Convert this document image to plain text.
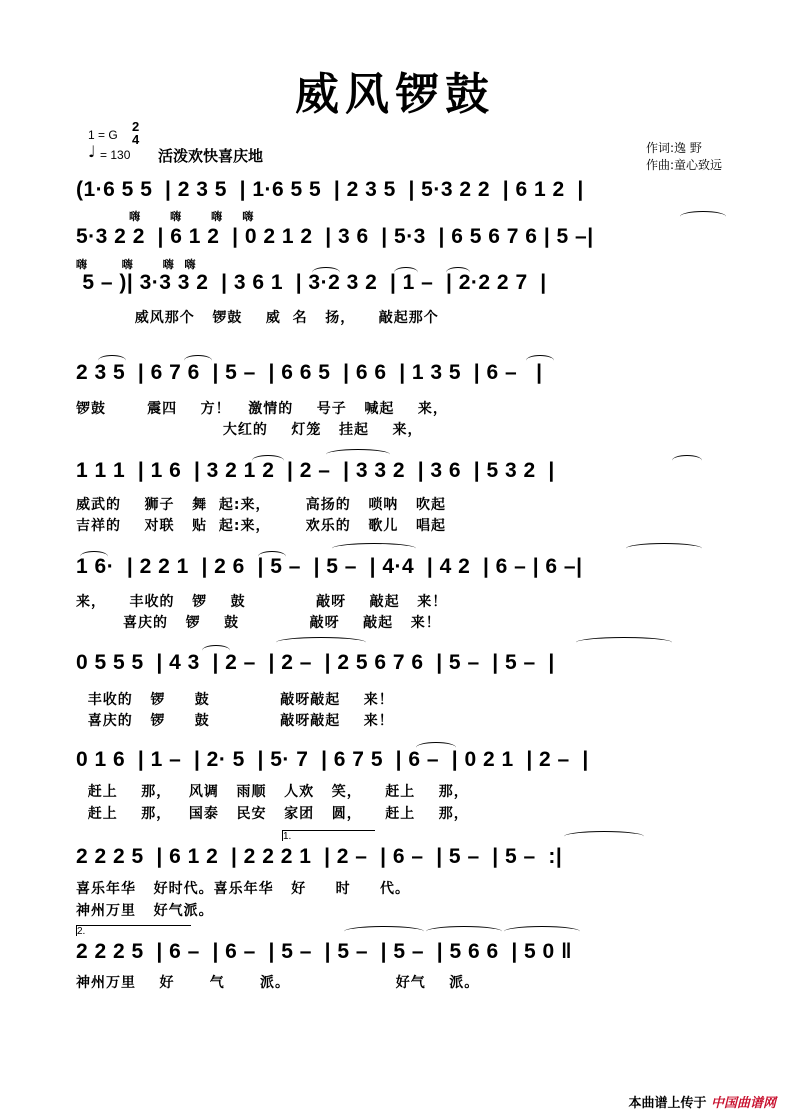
威风锣鼓
1 = G
2
4
♩ = 130 活泼欢快喜庆地	作词:逸 野
作曲:童心致远
(1·6 5 5  | 2 3 5  | 1·6 5 5  | 2 3 5  | 5·3 2 2  | 6 1 2  |
嗨      嗨      嗨    嗨
5·3 2 2  | 6 1 2  | 0 2 1 2  | 3 6  | 5·3  | 6 5 6 7 6 | 5 –|
嗨       嗨      嗨  嗨
5 – )| 3·3 3 2  | 3 6 1  | 3·2 3 2  | 1 –  | 2·2 2 7  |
威风那个   锣鼓    威  名   扬，    敲起那个
2 3 5  | 6 7 6  | 5 –  | 6 6 5  | 6 6  | 1 3 5  | 6 –   |
锣鼓       震四    方！   激情的    号子   喊起    来，
大红的    灯笼   挂起    来，
1 1 1  | 1 6  | 3 2 1 2  | 2 –  | 3 3 2  | 3 6  | 5 3 2  |
威武的    狮子   舞  起:来，      高扬的   唢呐   吹起
吉祥的    对联   贴  起:来，      欢乐的   歌儿   唱起
1 6·  | 2 2 1  | 2 6  | 5 –  | 5 –  | 4·4  | 4 2  | 6 – | 6 –|
来，    丰收的   锣    鼓            敲呀    敲起   来！
喜庆的   锣    鼓            敲呀    敲起   来！
0 5 5 5  | 4 3  | 2 –  | 2 –  | 2 5 6 7 6  | 5 –  | 5 –  |
丰收的   锣     鼓            敲呀敲起    来！
喜庆的   锣     鼓            敲呀敲起    来！
0 1 6  | 1 –  | 2· 5  | 5· 7  | 6 7 5  | 6 –  | 0 2 1  | 2 –  |
赶上    那，   风调   雨顺   人欢   笑，    赶上    那，
赶上    那，   国泰   民安   家团   圆，    赶上    那，
1.
2 2 2 5  | 6 1 2  | 2 2 2 1  | 2 –  | 6 –  | 5 –  | 5 –  :|
喜乐年华   好时代。喜乐年华   好     时     代。
神州万里   好气派。
2.
2 2 2 5  | 6 –  | 6 –  | 5 –  | 5 –  | 5 –  | 5 6 6  | 5 0 ‖
神州万里    好      气      派。                  好气    派。
本曲谱上传于 中国曲谱网
